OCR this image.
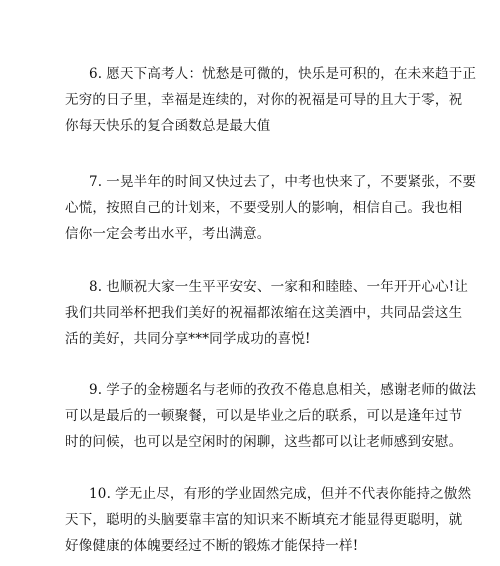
6. 愿天下高考人：忧愁是可微的，快乐是可积的，在未来趋于正
无穷的日子里，幸福是连续的，对你的祝福是可导的且大于零，祝
你每天快乐的复合函数总是最大值
7. 一晃半年的时间又快过去了，中考也快来了，不要紧张，不要
心慌，按照自己的计划来，不要受别人的影响，相信自己。我也相
信你一定会考出水平，考出满意。
8. 也顺祝大家一生平平安安、一家和和睦睦、一年开开心心!让
我们共同举杯把我们美好的祝福都浓缩在这美酒中，共同品尝这生
活的美好，共同分享***同学成功的喜悦!
9. 学子的金榜题名与老师的孜孜不倦息息相关，感谢老师的做法
可以是最后的一顿聚餐，可以是毕业之后的联系，可以是逢年过节
时的问候，也可以是空闲时的闲聊，这些都可以让老师感到安慰。
10. 学无止尽，有形的学业固然完成，但并不代表你能持之傲然
天下，聪明的头脑要靠丰富的知识来不断填充才能显得更聪明，就
好像健康的体魄要经过不断的锻炼才能保持一样!
